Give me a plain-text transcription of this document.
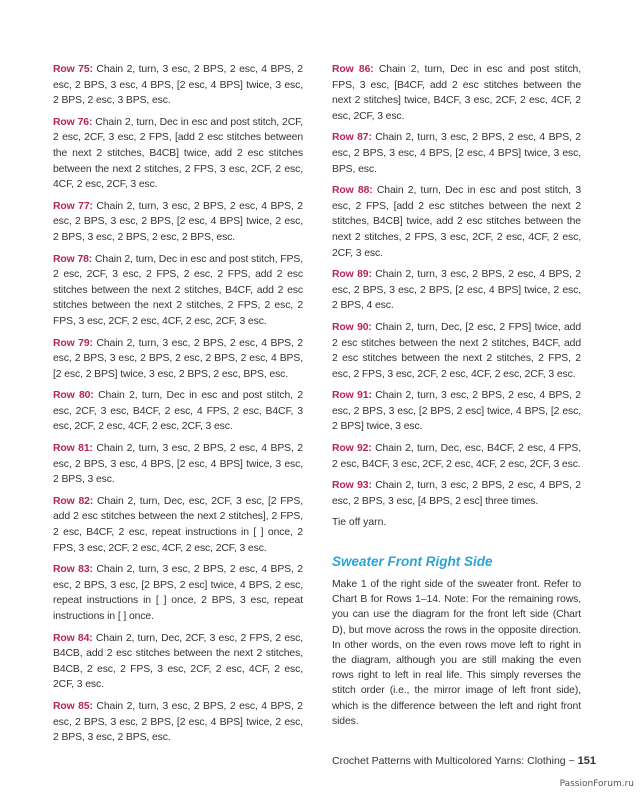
Row 75: Chain 2, turn, 3 esc, 2 BPS, 2 esc, 4 BPS, 2 esc, 2 BPS, 3 esc, 4 BPS, [2 esc, 4 BPS] twice, 3 esc, 2 BPS, 2 esc, 3 BPS, esc.

Row 76: Chain 2, turn, Dec in esc and post stitch, 2CF, 2 esc, 2CF, 3 esc, 2 FPS, [add 2 esc stitches between the next 2 stitches, B4CB] twice, add 2 esc stitches between the next 2 stitches, 2 FPS, 3 esc, 2CF, 2 esc, 4CF, 2 esc, 2CF, 3 esc.

Row 77: Chain 2, turn, 3 esc, 2 BPS, 2 esc, 4 BPS, 2 esc, 2 BPS, 3 esc, 2 BPS, [2 esc, 4 BPS] twice, 2 esc, 2 BPS, 3 esc, 2 BPS, 2 esc, 2 BPS, esc.

Row 78: Chain 2, turn, Dec in esc and post stitch, FPS, 2 esc, 2CF, 3 esc, 2 FPS, 2 esc, 2 FPS, add 2 esc stitches between the next 2 stitches, B4CF, add 2 esc stitches between the next 2 stitches, 2 FPS, 2 esc, 2 FPS, 3 esc, 2CF, 2 esc, 4CF, 2 esc, 2CF, 3 esc.

Row 79: Chain 2, turn, 3 esc, 2 BPS, 2 esc, 4 BPS, 2 esc, 2 BPS, 3 esc, 2 BPS, 2 esc, 2 BPS, 2 esc, 4 BPS, [2 esc, 2 BPS] twice, 3 esc, 2 BPS, 2 esc, BPS, esc.

Row 80: Chain 2, turn, Dec in esc and post stitch, 2 esc, 2CF, 3 esc, B4CF, 2 esc, 4 FPS, 2 esc, B4CF, 3 esc, 2CF, 2 esc, 4CF, 2 esc, 2CF, 3 esc.

Row 81: Chain 2, turn, 3 esc, 2 BPS, 2 esc, 4 BPS, 2 esc, 2 BPS, 3 esc, 4 BPS, [2 esc, 4 BPS] twice, 3 esc, 2 BPS, 3 esc.

Row 82: Chain 2, turn, Dec, esc, 2CF, 3 esc, [2 FPS, add 2 esc stitches between the next 2 stitches], 2 FPS, 2 esc, B4CF, 2 esc, repeat instructions in [ ] once, 2 FPS, 3 esc, 2CF, 2 esc, 4CF, 2 esc, 2CF, 3 esc.

Row 83: Chain 2, turn, 3 esc, 2 BPS, 2 esc, 4 BPS, 2 esc, 2 BPS, 3 esc, [2 BPS, 2 esc] twice, 4 BPS, 2 esc, repeat instructions in [ ] once, 2 BPS, 3 esc, repeat instructions in [ ] once.

Row 84: Chain 2, turn, Dec, 2CF, 3 esc, 2 FPS, 2 esc, B4CB, add 2 esc stitches between the next 2 stitches, B4CB, 2 esc, 2 FPS, 3 esc, 2CF, 2 esc, 4CF, 2 esc, 2CF, 3 esc.

Row 85: Chain 2, turn, 3 esc, 2 BPS, 2 esc, 4 BPS, 2 esc, 2 BPS, 3 esc, 2 BPS, [2 esc, 4 BPS] twice, 2 esc, 2 BPS, 3 esc, 2 BPS, esc.

Row 86: Chain 2, turn, Dec in esc and post stitch, FPS, 3 esc, [B4CF, add 2 esc stitches between the next 2 stitches] twice, B4CF, 3 esc, 2CF, 2 esc, 4CF, 2 esc, 2CF, 3 esc.

Row 87: Chain 2, turn, 3 esc, 2 BPS, 2 esc, 4 BPS, 2 esc, 2 BPS, 3 esc, 4 BPS, [2 esc, 4 BPS] twice, 3 esc, BPS, esc.

Row 88: Chain 2, turn, Dec in esc and post stitch, 3 esc, 2 FPS, [add 2 esc stitches between the next 2 stitches, B4CB] twice, add 2 esc stitches between the next 2 stitches, 2 FPS, 3 esc, 2CF, 2 esc, 4CF, 2 esc, 2CF, 3 esc.

Row 89: Chain 2, turn, 3 esc, 2 BPS, 2 esc, 4 BPS, 2 esc, 2 BPS, 3 esc, 2 BPS, [2 esc, 4 BPS] twice, 2 esc, 2 BPS, 4 esc.

Row 90: Chain 2, turn, Dec, [2 esc, 2 FPS] twice, add 2 esc stitches between the next 2 stitches, B4CF, add 2 esc stitches between the next 2 stitches, 2 FPS, 2 esc, 2 FPS, 3 esc, 2CF, 2 esc, 4CF, 2 esc, 2CF, 3 esc.

Row 91: Chain 2, turn, 3 esc, 2 BPS, 2 esc, 4 BPS, 2 esc, 2 BPS, 3 esc, [2 BPS, 2 esc] twice, 4 BPS, [2 esc, 2 BPS] twice, 3 esc.

Row 92: Chain 2, turn, Dec, esc, B4CF, 2 esc, 4 FPS, 2 esc, B4CF, 3 esc, 2CF, 2 esc, 4CF, 2 esc, 2CF, 3 esc.

Row 93: Chain 2, turn, 3 esc, 2 BPS, 2 esc, 4 BPS, 2 esc, 2 BPS, 3 esc, [4 BPS, 2 esc] three times.

Tie off yarn.

Sweater Front Right Side

Make 1 of the right side of the sweater front. Refer to Chart B for Rows 1–14. Note: For the remaining rows, you can use the diagram for the front left side (Chart D), but move across the rows in the opposite direction. In other words, on the even rows move left to right in the diagram, although you are still making the even rows right to left in real life. This simply reverses the stitch order (i.e., the mirror image of left front side), which is the difference between the left and right front sides.

Crochet Patterns with Multicolored Yarns: Clothing ~ 151
PassionForum.ru
